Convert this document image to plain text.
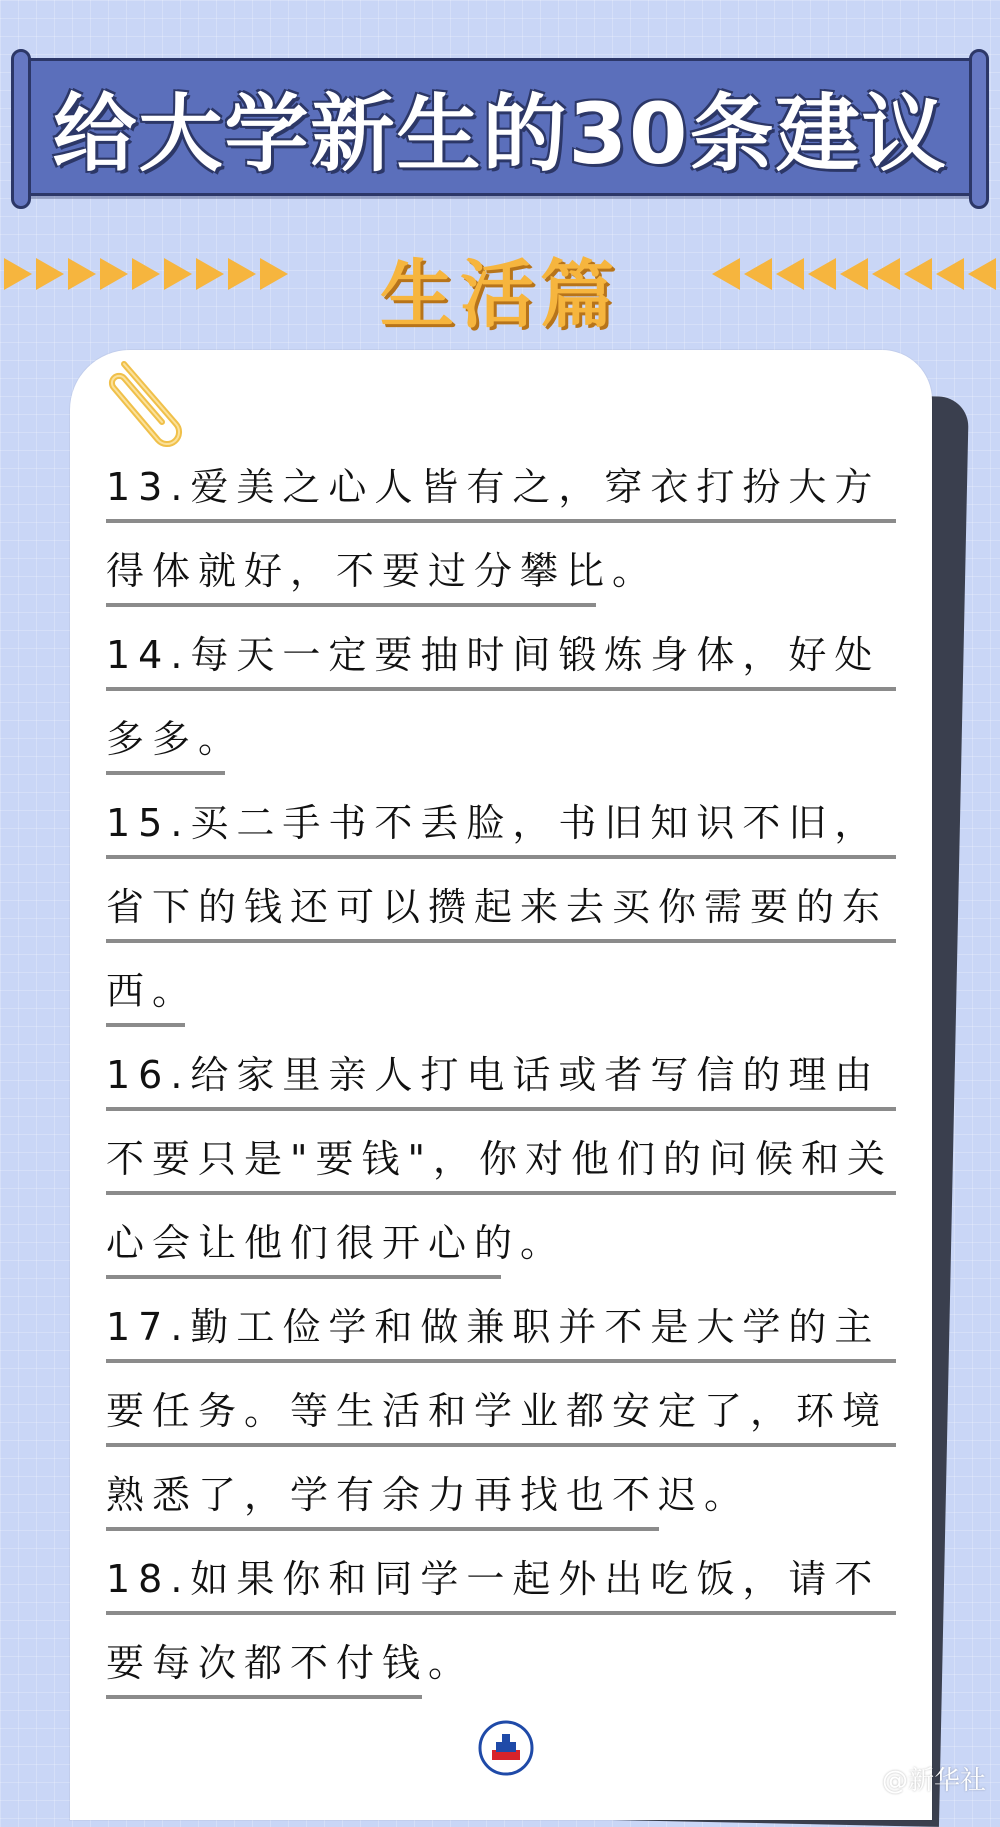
给大学新生的30条建议
生活篇
13.爱美之心人皆有之，穿衣打扮大方
得体就好，不要过分攀比。
14.每天一定要抽时间锻炼身体，好处
多多。
15.买二手书不丢脸，书旧知识不旧，
省下的钱还可以攒起来去买你需要的东
西。
16.给家里亲人打电话或者写信的理由
不要只是"要钱"，你对他们的问候和关
心会让他们很开心的。
17.勤工俭学和做兼职并不是大学的主
要任务。等生活和学业都安定了，环境
熟悉了，学有余力再找也不迟。
18.如果你和同学一起外出吃饭，请不
要每次都不付钱。
@新华社
